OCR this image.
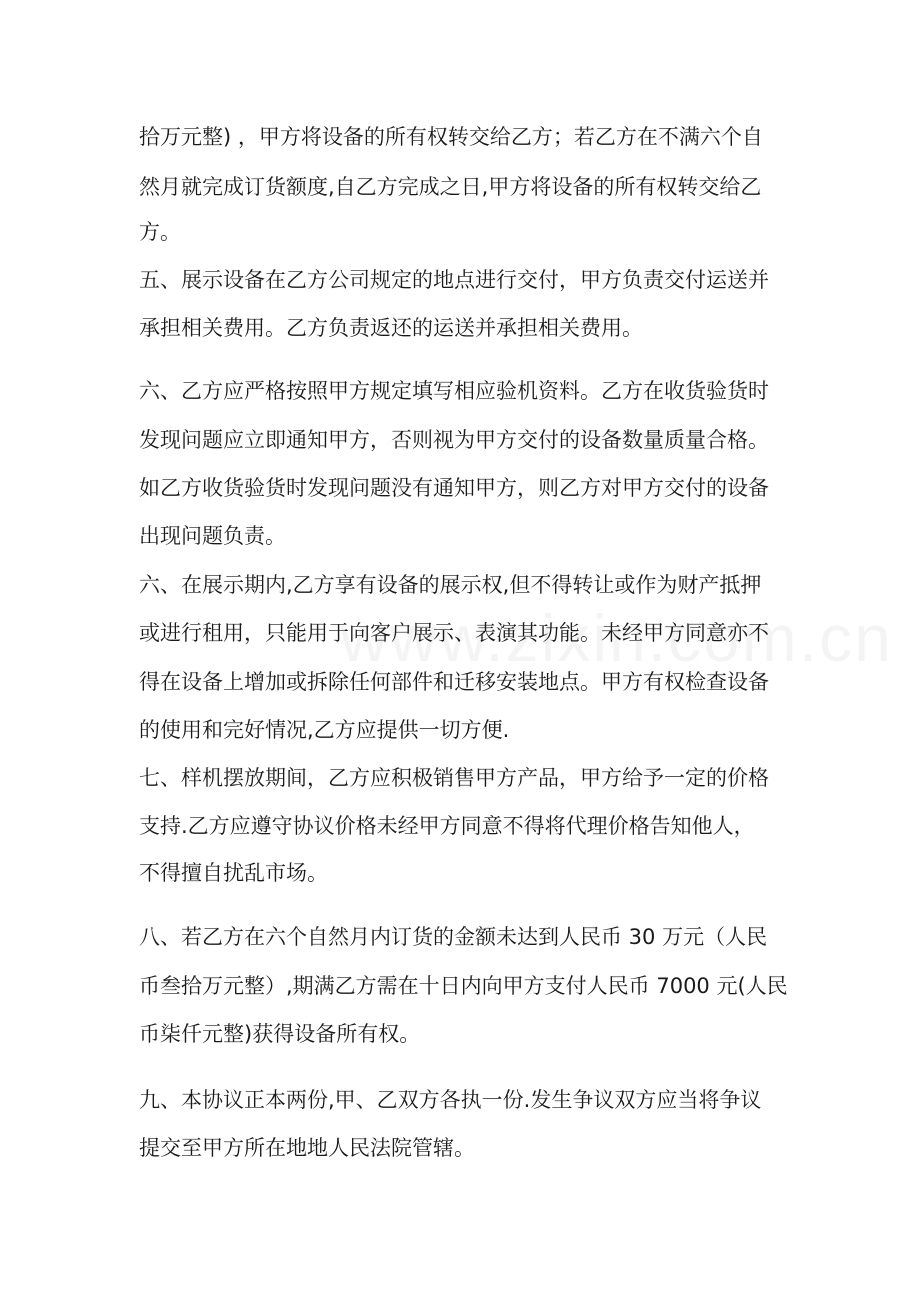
拾万元整) ，甲方将设备的所有权转交给乙方；若乙方在不满六个自
然月就完成订货额度,自乙方完成之日,甲方将设备的所有权转交给乙
方。
五、展示设备在乙方公司规定的地点进行交付，甲方负责交付运送并
承担相关费用。乙方负责返还的运送并承担相关费用。
六、乙方应严格按照甲方规定填写相应验机资料。乙方在收货验货时
发现问题应立即通知甲方，否则视为甲方交付的设备数量质量合格。
如乙方收货验货时发现问题没有通知甲方，则乙方对甲方交付的设备
出现问题负责。
六、在展示期内,乙方享有设备的展示权,但不得转让或作为财产抵押
或进行租用，只能用于向客户展示、表演其功能。未经甲方同意亦不
得在设备上增加或拆除任何部件和迁移安装地点。甲方有权检查设备
的使用和完好情况,乙方应提供一切方便.
七、样机摆放期间，乙方应积极销售甲方产品，甲方给予一定的价格
支持.乙方应遵守协议价格未经甲方同意不得将代理价格告知他人，
不得擅自扰乱市场。
八、若乙方在六个自然月内订货的金额未达到人民币 30 万元（人民
币叁拾万元整）,期满乙方需在十日内向甲方支付人民币 7000 元(人民
币柒仟元整)获得设备所有权。
九、本协议正本两份,甲、乙双方各执一份.发生争议双方应当将争议
提交至甲方所在地地人民法院管辖。
